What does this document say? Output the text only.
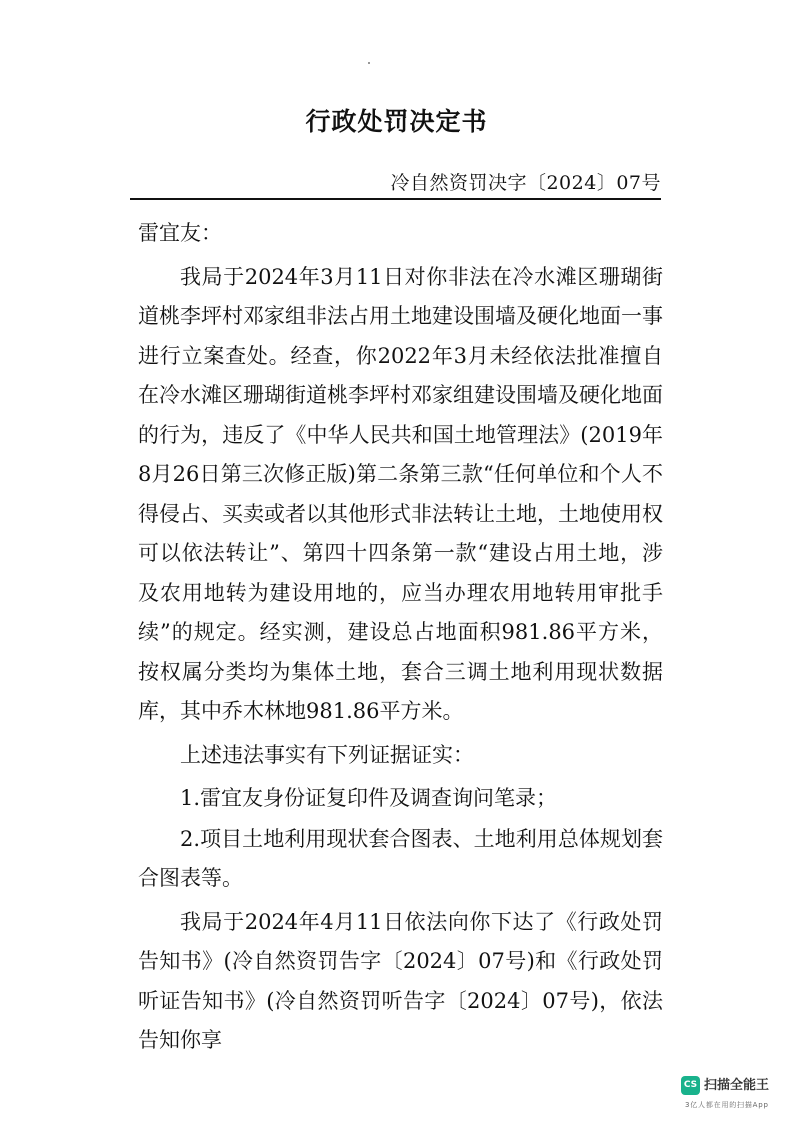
行政处罚决定书
冷自然资罚决字〔2024〕07号

雷宜友：

我局于2024年3月11日对你非法在冷水滩区珊瑚街道桃李坪村邓家组非法占用土地建设围墙及硬化地面一事进行立案查处。经查，你2022年3月未经依法批准擅自在冷水滩区珊瑚街道桃李坪村邓家组建设围墙及硬化地面的行为，违反了《中华人民共和国土地管理法》(2019年8月26日第三次修正版)第二条第三款“任何单位和个人不得侵占、买卖或者以其他形式非法转让土地，土地使用权可以依法转让”、第四十四条第一款“建设占用土地，涉及农用地转为建设用地的，应当办理农用地转用审批手续”的规定。经实测，建设总占地面积981.86平方米，按权属分类均为集体土地，套合三调土地利用现状数据库，其中乔木林地981.86平方米。

上述违法事实有下列证据证实：

1.雷宜友身份证复印件及调查询问笔录；

2.项目土地利用现状套合图表、土地利用总体规划套合图表等。

我局于2024年4月11日依法向你下达了《行政处罚告知书》(冷自然资罚告字〔2024〕07号)和《行政处罚听证告知书》(冷自然资罚听告字〔2024〕07号)，依法告知你享

CS 扫描全能王
3亿人都在用的扫描App
